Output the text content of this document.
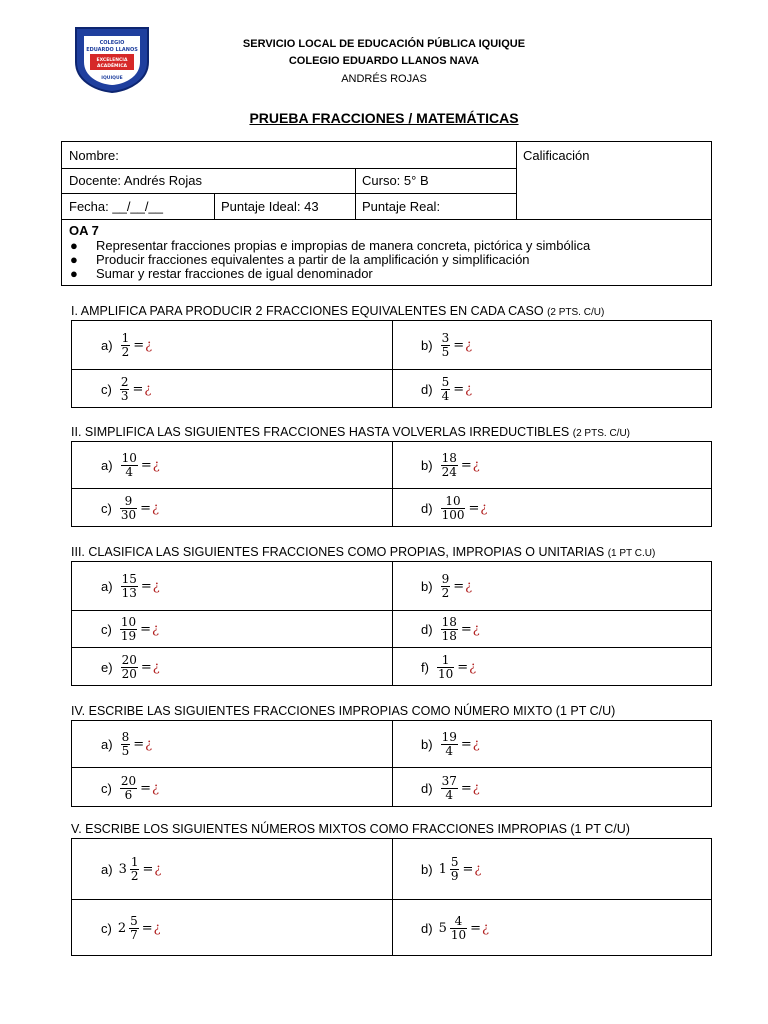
COLEGIO
EDUARDO LLANOS
EXCELENCIA
ACADÉMICA
IQUIQUE
SERVICIO LOCAL DE EDUCACIÓN PÚBLICA IQUIQUE
COLEGIO EDUARDO LLANOS NAVA
ANDRÉS ROJAS
PRUEBA FRACCIONES / MATEMÁTICAS
Nombre:	Calificación
Docente: Andrés Rojas	Curso: 5° B
Fecha: __/__/__	Puntaje Ideal: 43	Puntaje Real:
OA 7
● Representar fracciones propias e impropias de manera concreta, pictórica y simbólica
● Producir fracciones equivalentes a partir de la amplificación y simplificación
● Sumar y restar fracciones de igual denominador
I. AMPLIFICA PARA PRODUCIR 2 FRACCIONES EQUIVALENTES EN CADA CASO (2 PTS. C/U)
$a) \frac{1}{2}$ = ¿	$b) \frac{3}{5}$ = ¿
$c) \frac{2}{3}$ = ¿	$d) \frac{5}{4}$ = ¿
II. SIMPLIFICA LAS SIGUIENTES FRACCIONES HASTA VOLVERLAS IRREDUCTIBLES (2 PTS. C/U)
$a) \frac{10}{4}$ = ¿	$b) \frac{18}{24}$ = ¿
$c) \frac{9}{30}$ = ¿	$d) \frac{10}{100}$ = ¿
III. CLASIFICA LAS SIGUIENTES FRACCIONES COMO PROPIAS, IMPROPIAS O UNITARIAS (1 PT C.U)
$a) \frac{15}{13}$ = ¿	$b) \frac{9}{2}$ = ¿
$c) \frac{10}{19}$ = ¿	$d) \frac{18}{18}$ = ¿
$e) \frac{20}{20}$ = ¿	$f) \frac{1}{10}$ = ¿
IV. ESCRIBE LAS SIGUIENTES FRACCIONES IMPROPIAS COMO NÚMERO MIXTO (1 PT C/U)
$a) \frac{8}{5}$ = ¿	$b) \frac{19}{4}$ = ¿
$c) \frac{20}{6}$ = ¿	$d) \frac{37}{4}$ = ¿
V. ESCRIBE LOS SIGUIENTES NÚMEROS MIXTOS COMO FRACCIONES IMPROPIAS (1 PT C/U)
a) $3 \frac{1}{2}$ = ¿	b) $1 \frac{5}{9}$ = ¿
c) $2 \frac{5}{7}$ = ¿	d) $5 \frac{4}{10}$ = ¿
